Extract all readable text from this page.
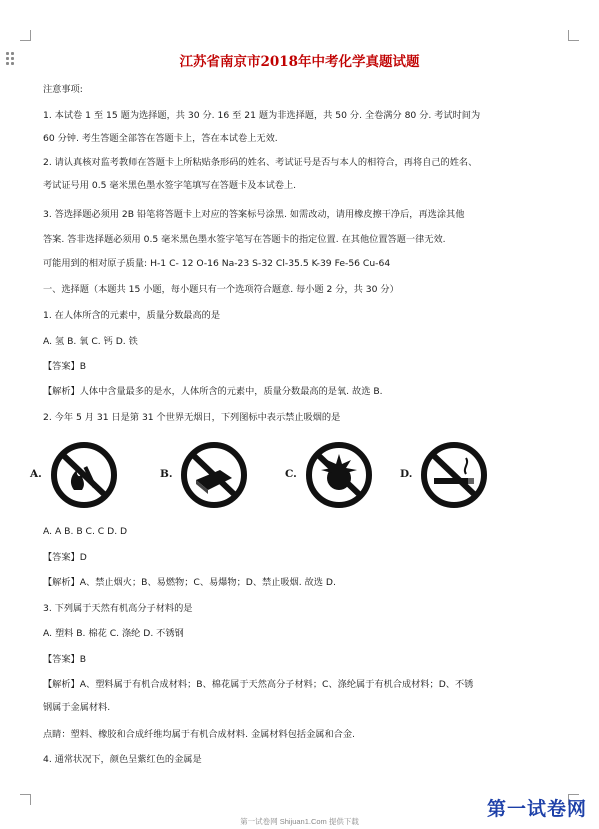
江苏省南京市2018年中考化学真题试题
注意事项:
1. 本试卷 1 至 15 题为选择题，共 30 分. 16 至 21 题为非选择题，共 50 分. 全卷满分 80 分. 考试时间为
60 分钟. 考生答题全部答在答题卡上，答在本试卷上无效.
2. 请认真核对监考教师在答题卡上所粘贴条形码的姓名、考试证号是否与本人的相符合，再将自己的姓名、
考试证号用 0.5 毫米黑色墨水签字笔填写在答题卡及本试卷上.
3. 答选择题必须用 2B 铅笔将答题卡上对应的答案标号涂黑. 如需改动，请用橡皮擦干净后，再选涂其他
答案. 答非选择题必须用 0.5 毫米黑色墨水签字笔写在答题卡的指定位置. 在其他位置答题一律无效.
可能用到的相对原子质量: H-1 C- 12 O-16 Na-23 S-32 Cl-35.5 K-39 Fe-56 Cu-64
一、选择题（本题共 15 小题，每小题只有一个选项符合题意. 每小题 2 分，共 30 分）
1. 在人体所含的元素中，质量分数最高的是
A. 氢 B. 氧 C. 钙 D. 铁
【答案】B
【解析】人体中含量最多的是水，人体所含的元素中，质量分数最高的是氧. 故选 B.
2. 今年 5 月 31 日是第 31 个世界无烟日，下列图标中表示禁止吸烟的是
A.	B.	C.	D.
A. A B. B C. C D. D
【答案】D
【解析】A、禁止烟火；B、易燃物；C、易爆物；D、禁止吸烟. 故选 D.
3. 下列属于天然有机高分子材料的是
A. 塑料 B. 棉花 C. 涤纶 D. 不锈钢
【答案】B
【解析】A、塑料属于有机合成材料；B、棉花属于天然高分子材料；C、涤纶属于有机合成材料；D、不锈
钢属于金属材料.
点睛：塑料、橡胶和合成纤维均属于有机合成材料. 金属材料包括金属和合金.
4. 通常状况下，颜色呈紫红色的金属是
第一试卷网
第一试卷网 Shijuan1.Com 提供下载
